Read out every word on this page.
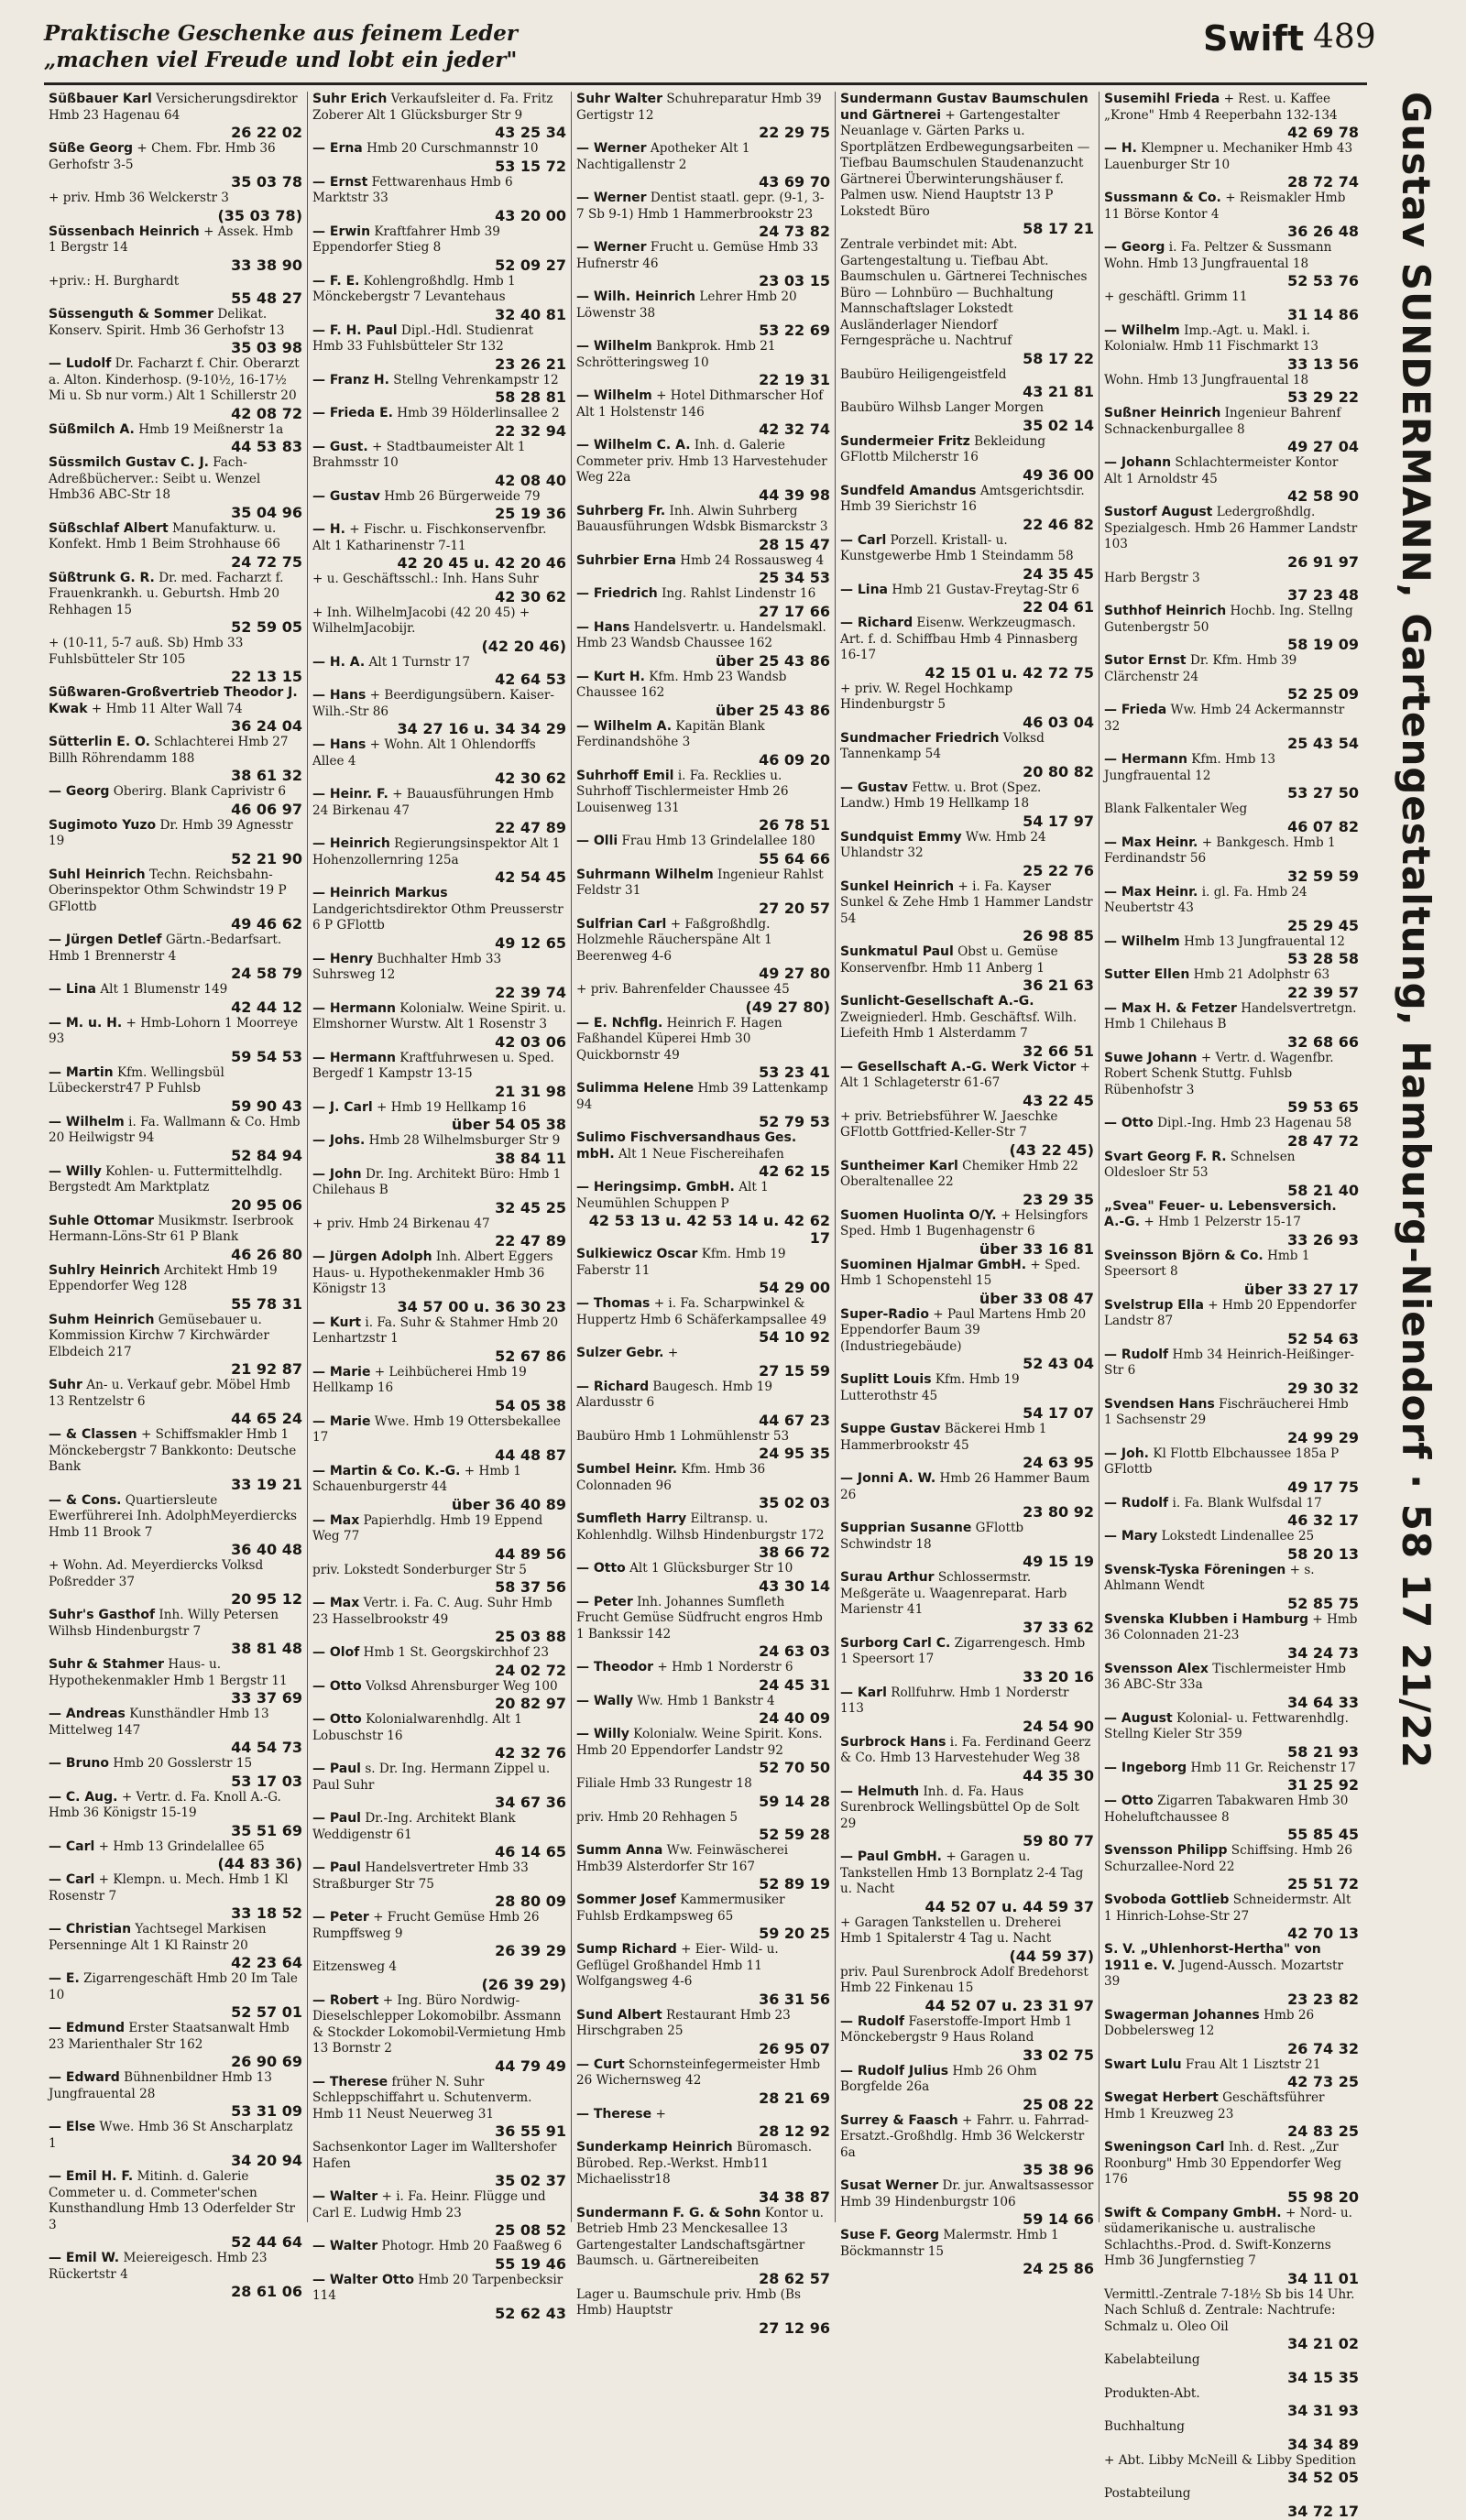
Praktische Geschenke aus feinem Leder
„machen viel Freude und lobt ein jeder"
Swift 489
Süßbauer Karl Versicherungsdirektor Hmb 23 Hagenau 64
26 22 02
Süße Georg + Chem. Fbr. Hmb 36 Gerhofstr 3-5
35 03 78
+ priv. Hmb 36 Welckerstr 3
(35 03 78)
Süssenbach Heinrich + Assek. Hmb 1 Bergstr 14
33 38 90
+priv.: H. Burghardt
55 48 27
Süssenguth & Sommer Delikat. Konserv. Spirit. Hmb 36 Gerhofstr 13
35 03 98
— Ludolf Dr. Facharzt f. Chir. Oberarzt a. Alton. Kinderhosp. (9-10½, 16-17½ Mi u. Sb nur vorm.) Alt 1 Schillerstr 20
42 08 72
Süßmilch A. Hmb 19 Meißnerstr 1a
44 53 83
Süssmilch Gustav C. J. Fach-Adreßbücherver.: Seibt u. Wenzel Hmb36 ABC-Str 18
35 04 96
Süßschlaf Albert Manufakturw. u. Konfekt. Hmb 1 Beim Strohhause 66
24 72 75
Süßtrunk G. R. Dr. med. Facharzt f. Frauenkrankh. u. Geburtsh. Hmb 20 Rehhagen 15
52 59 05
+ (10-11, 5-7 auß. Sb) Hmb 33 Fuhlsbütteler Str 105
22 13 15
Süßwaren-Großvertrieb Theodor J. Kwak + Hmb 11 Alter Wall 74
36 24 04
Sütterlin E. O. Schlachterei Hmb 27 Billh Röhrendamm 188
38 61 32
— Georg Oberirg. Blank Caprivistr 6
46 06 97
Sugimoto Yuzo Dr. Hmb 39 Agnesstr 19
52 21 90
Suhl Heinrich Techn. Reichsbahn-Oberinspektor Othm Schwindstr 19 P GFlottb
49 46 62
— Jürgen Detlef Gärtn.-Bedarfsart. Hmb 1 Brennerstr 4
24 58 79
— Lina Alt 1 Blumenstr 149
42 44 12
— M. u. H. + Hmb-Lohorn 1 Moorreye 93
59 54 53
— Martin Kfm. Wellingsbül Lübeckerstr47 P Fuhlsb
59 90 43
— Wilhelm i. Fa. Wallmann & Co. Hmb 20 Heilwigstr 94
52 84 94
— Willy Kohlen- u. Futtermittelhdlg. Bergstedt Am Marktplatz
20 95 06
Suhle Ottomar Musikmstr. Iserbrook Hermann-Löns-Str 61 P Blank
46 26 80
Suhlry Heinrich Architekt Hmb 19 Eppendorfer Weg 128
55 78 31
Suhm Heinrich Gemüsebauer u. Kommission Kirchw 7 Kirchwärder Elbdeich 217
21 92 87
Suhr An- u. Verkauf gebr. Möbel Hmb 13 Rentzelstr 6
44 65 24
— & Classen + Schiffsmakler Hmb 1 Mönckebergstr 7 Bankkonto: Deutsche Bank
33 19 21
— & Cons. Quartiersleute Ewerführerei Inh. AdolphMeyerdiercks Hmb 11 Brook 7
36 40 48
+ Wohn. Ad. Meyerdiercks Volksd Poßredder 37
20 95 12
Suhr's Gasthof Inh. Willy Petersen Wilhsb Hindenburgstr 7
38 81 48
Suhr & Stahmer Haus- u. Hypothekenmakler Hmb 1 Bergstr 11
33 37 69
— Andreas Kunsthändler Hmb 13 Mittelweg 147
44 54 73
— Bruno Hmb 20 Gosslerstr 15
53 17 03
— C. Aug. + Vertr. d. Fa. Knoll A.-G. Hmb 36 Königstr 15-19
35 51 69
— Carl + Hmb 13 Grindelallee 65
(44 83 36)
— Carl + Klempn. u. Mech. Hmb 1 Kl Rosenstr 7
33 18 52
— Christian Yachtsegel Markisen Persenninge Alt 1 Kl Rainstr 20
42 23 64
— E. Zigarrengeschäft Hmb 20 Im Tale 10
52 57 01
— Edmund Erster Staatsanwalt Hmb 23 Marienthaler Str 162
26 90 69
— Edward Bühnenbildner Hmb 13 Jungfrauental 28
53 31 09
— Else Wwe. Hmb 36 St Anscharplatz 1
34 20 94
— Emil H. F. Mitinh. d. Galerie Commeter u. d. Commeter'schen Kunsthandlung Hmb 13 Oderfelder Str 3
52 44 64
— Emil W. Meiereigesch. Hmb 23 Rückertstr 4
28 61 06
Suhr Erich Verkaufsleiter d. Fa. Fritz Zoberer Alt 1 Glücksburger Str 9
43 25 34
— Erna Hmb 20 Curschmannstr 10
53 15 72
— Ernst Fettwarenhaus Hmb 6 Marktstr 33
43 20 00
— Erwin Kraftfahrer Hmb 39 Eppendorfer Stieg 8
52 09 27
— F. E. Kohlengroßhdlg. Hmb 1 Mönckebergstr 7 Levantehaus
32 40 81
— F. H. Paul Dipl.-Hdl. Studienrat Hmb 33 Fuhlsbütteler Str 132
23 26 21
— Franz H. Stellng Vehrenkampstr 12
58 28 81
— Frieda E. Hmb 39 Hölderlinsallee 2
22 32 94
— Gust. + Stadtbaumeister Alt 1 Brahmsstr 10
42 08 40
— Gustav Hmb 26 Bürgerweide 79
25 19 36
— H. + Fischr. u. Fischkonservenfbr. Alt 1 Katharinenstr 7-11
42 20 45 u. 42 20 46
+ u. Geschäftsschl.: Inh. Hans Suhr
42 30 62
+ Inh. WilhelmJacobi (42 20 45) + WilhelmJacobijr.
(42 20 46)
— H. A. Alt 1 Turnstr 17
42 64 53
— Hans + Beerdigungsübern. Kaiser-Wilh.-Str 86
34 27 16 u. 34 34 29
— Hans + Wohn. Alt 1 Ohlendorffs Allee 4
42 30 62
— Heinr. F. + Bauausführungen Hmb 24 Birkenau 47
22 47 89
— Heinrich Regierungsinspektor Alt 1 Hohenzollernring 125a
42 54 45
— Heinrich Markus Landgerichtsdirektor Othm Preusserstr 6 P GFlottb
49 12 65
— Henry Buchhalter Hmb 33 Suhrsweg 12
22 39 74
— Hermann Kolonialw. Weine Spirit. u. Elmshorner Wurstw. Alt 1 Rosenstr 3
42 03 06
— Hermann Kraftfuhrwesen u. Sped. Bergedf 1 Kampstr 13-15
21 31 98
— J. Carl + Hmb 19 Hellkamp 16
über 54 05 38
— Johs. Hmb 28 Wilhelmsburger Str 9
38 84 11
— John Dr. Ing. Architekt Büro: Hmb 1 Chilehaus B
32 45 25
+ priv. Hmb 24 Birkenau 47
22 47 89
— Jürgen Adolph Inh. Albert Eggers Haus- u. Hypothekenmakler Hmb 36 Königstr 13
34 57 00 u. 36 30 23
— Kurt i. Fa. Suhr & Stahmer Hmb 20 Lenhartzstr 1
52 67 86
— Marie + Leihbücherei Hmb 19 Hellkamp 16
54 05 38
— Marie Wwe. Hmb 19 Ottersbekallee 17
44 48 87
— Martin & Co. K.-G. + Hmb 1 Schauenburgerstr 44
über 36 40 89
— Max Papierhdlg. Hmb 19 Eppend Weg 77
44 89 56
priv. Lokstedt Sonderburger Str 5
58 37 56
— Max Vertr. i. Fa. C. Aug. Suhr Hmb 23 Hasselbrookstr 49
25 03 88
— Olof Hmb 1 St. Georgskirchhof 23
24 02 72
— Otto Volksd Ahrensburger Weg 100
20 82 97
— Otto Kolonialwarenhdlg. Alt 1 Lobuschstr 16
42 32 76
— Paul s. Dr. Ing. Hermann Zippel u. Paul Suhr
34 67 36
— Paul Dr.-Ing. Architekt Blank Weddigenstr 61
46 14 65
— Paul Handelsvertreter Hmb 33 Straßburger Str 75
28 80 09
— Peter + Frucht Gemüse Hmb 26 Rumpffsweg 9
26 39 29
Eitzensweg 4
(26 39 29)
— Robert + Ing. Büro Nordwig-Dieselschlepper Lokomobilbr. Assmann & Stockder Lokomobil-Vermietung Hmb 13 Bornstr 2
44 79 49
— Therese früher N. Suhr Schleppschiffahrt u. Schutenverm. Hmb 11 Neust Neuerweg 31
36 55 91
Sachsenkontor Lager im Walltershofer Hafen
35 02 37
— Walter + i. Fa. Heinr. Flügge und Carl E. Ludwig Hmb 23
25 08 52
— Walter Photogr. Hmb 20 Faaßweg 6
55 19 46
— Walter Otto Hmb 20 Tarpenbecksir 114
52 62 43
Suhr Walter Schuhreparatur Hmb 39 Gertigstr 12
22 29 75
— Werner Apotheker Alt 1 Nachtigallenstr 2
43 69 70
— Werner Dentist staatl. gepr. (9-1, 3-7 Sb 9-1) Hmb 1 Hammerbrookstr 23
24 73 82
— Werner Frucht u. Gemüse Hmb 33 Hufnerstr 46
23 03 15
— Wilh. Heinrich Lehrer Hmb 20 Löwenstr 38
53 22 69
— Wilhelm Bankprok. Hmb 21 Schrötteringsweg 10
22 19 31
— Wilhelm + Hotel Dithmarscher Hof Alt 1 Holstenstr 146
42 32 74
— Wilhelm C. A. Inh. d. Galerie Commeter priv. Hmb 13 Harvestehuder Weg 22a
44 39 98
Suhrberg Fr. Inh. Alwin Suhrberg Bauausführungen Wdsbk Bismarckstr 3
28 15 47
Suhrbier Erna Hmb 24 Rossausweg 4
25 34 53
— Friedrich Ing. Rahlst Lindenstr 16
27 17 66
— Hans Handelsvertr. u. Handelsmakl. Hmb 23 Wandsb Chaussee 162
über 25 43 86
— Kurt H. Kfm. Hmb 23 Wandsb Chaussee 162
über 25 43 86
— Wilhelm A. Kapitän Blank Ferdinandshöhe 3
46 09 20
Suhrhoff Emil i. Fa. Recklies u. Suhrhoff Tischlermeister Hmb 26 Louisenweg 131
26 78 51
— Olli Frau Hmb 13 Grindelallee 180
55 64 66
Suhrmann Wilhelm Ingenieur Rahlst Feldstr 31
27 20 57
Sulfrian Carl + Faßgroßhdlg. Holzmehle Räucherspäne Alt 1 Beerenweg 4-6
49 27 80
+ priv. Bahrenfelder Chaussee 45
(49 27 80)
— E. Nchflg. Heinrich F. Hagen Faßhandel Küperei Hmb 30 Quickbornstr 49
53 23 41
Sulimma Helene Hmb 39 Lattenkamp 94
52 79 53
Sulimo Fischversandhaus Ges. mbH. Alt 1 Neue Fischereihafen
42 62 15
— Heringsimp. GmbH. Alt 1 Neumühlen Schuppen P
42 53 13 u. 42 53 14 u. 42 62 17
Sulkiewicz Oscar Kfm. Hmb 19 Faberstr 11
54 29 00
— Thomas + i. Fa. Scharpwinkel & Huppertz Hmb 6 Schäferkampsallee 49
54 10 92
Sulzer Gebr. +
27 15 59
— Richard Baugesch. Hmb 19 Alardusstr 6
44 67 23
Baubüro Hmb 1 Lohmühlenstr 53
24 95 35
Sumbel Heinr. Kfm. Hmb 36 Colonnaden 96
35 02 03
Sumfleth Harry Eiltransp. u. Kohlenhdlg. Wilhsb Hindenburgstr 172
38 66 72
— Otto Alt 1 Glücksburger Str 10
43 30 14
— Peter Inh. Johannes Sumfleth Frucht Gemüse Südfrucht engros Hmb 1 Bankssir 142
24 63 03
— Theodor + Hmb 1 Norderstr 6
24 45 31
— Wally Ww. Hmb 1 Bankstr 4
24 40 09
— Willy Kolonialw. Weine Spirit. Kons. Hmb 20 Eppendorfer Landstr 92
52 70 50
Filiale Hmb 33 Rungestr 18
59 14 28
priv. Hmb 20 Rehhagen 5
52 59 28
Summ Anna Ww. Feinwäscherei Hmb39 Alsterdorfer Str 167
52 89 19
Sommer Josef Kammermusiker Fuhlsb Erdkampsweg 65
59 20 25
Sump Richard + Eier- Wild- u. Geflügel Großhandel Hmb 11 Wolfgangsweg 4-6
36 31 56
Sund Albert Restaurant Hmb 23 Hirschgraben 25
26 95 07
— Curt Schornsteinfegermeister Hmb 26 Wichernsweg 42
28 21 69
— Therese +
28 12 92
Sunderkamp Heinrich Büromasch. Bürobed. Rep.-Werkst. Hmb11 Michaelisstr18
34 38 87
Sundermann F. G. & Sohn Kontor u. Betrieb Hmb 23 Menckesallee 13 Gartengestalter Landschaftsgärtner Baumsch. u. Gärtnereibeiten
28 62 57
Lager u. Baumschule priv. Hmb (Bs Hmb) Hauptstr
27 12 96
Sundermann Gustav Baumschulen und Gärtnerei + Gartengestalter Neuanlage v. Gärten Parks u. Sportplätzen Erdbewegungsarbeiten — Tiefbau Baumschulen Staudenanzucht Gärtnerei Überwinterungshäuser f. Palmen usw. Niend Hauptstr 13 P Lokstedt Büro
58 17 21
Zentrale verbindet mit: Abt. Gartengestaltung u. Tiefbau Abt. Baumschulen u. Gärtnerei Technisches Büro — Lohnbüro — Buchhaltung Mannschaftslager Lokstedt Ausländerlager Niendorf Ferngespräche u. Nachtruf
58 17 22
Baubüro Heiligengeistfeld
43 21 81
Baubüro Wilhsb Langer Morgen
35 02 14
Sundermeier Fritz Bekleidung GFlottb Milcherstr 16
49 36 00
Sundfeld Amandus Amtsgerichtsdir. Hmb 39 Sierichstr 16
22 46 82
— Carl Porzell. Kristall- u. Kunstgewerbe Hmb 1 Steindamm 58
24 35 45
— Lina Hmb 21 Gustav-Freytag-Str 6
22 04 61
— Richard Eisenw. Werkzeugmasch. Art. f. d. Schiffbau Hmb 4 Pinnasberg 16-17
42 15 01 u. 42 72 75
+ priv. W. Regel Hochkamp Hindenburgstr 5
46 03 04
Sundmacher Friedrich Volksd Tannenkamp 54
20 80 82
— Gustav Fettw. u. Brot (Spez. Landw.) Hmb 19 Hellkamp 18
54 17 97
Sundquist Emmy Ww. Hmb 24 Uhlandstr 32
25 22 76
Sunkel Heinrich + i. Fa. Kayser Sunkel & Zehe Hmb 1 Hammer Landstr 54
26 98 85
Sunkmatul Paul Obst u. Gemüse Konservenfbr. Hmb 11 Anberg 1
36 21 63
Sunlicht-Gesellschaft A.-G. Zweigniederl. Hmb. Geschäftsf. Wilh. Liefeith Hmb 1 Alsterdamm 7
32 66 51
— Gesellschaft A.-G. Werk Victor + Alt 1 Schlageterstr 61-67
43 22 45
+ priv. Betriebsführer W. Jaeschke GFlottb Gottfried-Keller-Str 7
(43 22 45)
Suntheimer Karl Chemiker Hmb 22 Oberaltenallee 22
23 29 35
Suomen Huolinta O/Y. + Helsingfors Sped. Hmb 1 Bugenhagenstr 6
über 33 16 81
Suominen Hjalmar GmbH. + Sped. Hmb 1 Schopenstehl 15
über 33 08 47
Super-Radio + Paul Martens Hmb 20 Eppendorfer Baum 39 (Industriegebäude)
52 43 04
Suplitt Louis Kfm. Hmb 19 Lutterothstr 45
54 17 07
Suppe Gustav Bäckerei Hmb 1 Hammerbrookstr 45
24 63 95
— Jonni A. W. Hmb 26 Hammer Baum 26
23 80 92
Supprian Susanne GFlottb Schwindstr 18
49 15 19
Surau Arthur Schlossermstr. Meßgeräte u. Waagenreparat. Harb Marienstr 41
37 33 62
Surborg Carl C. Zigarrengesch. Hmb 1 Speersort 17
33 20 16
— Karl Rollfuhrw. Hmb 1 Norderstr 113
24 54 90
Surbrock Hans i. Fa. Ferdinand Geerz & Co. Hmb 13 Harvestehuder Weg 38
44 35 30
— Helmuth Inh. d. Fa. Haus Surenbrock Wellingsbüttel Op de Solt 29
59 80 77
— Paul GmbH. + Garagen u. Tankstellen Hmb 13 Bornplatz 2-4 Tag u. Nacht
44 52 07 u. 44 59 37
+ Garagen Tankstellen u. Dreherei Hmb 1 Spitalerstr 4 Tag u. Nacht
(44 59 37)
priv. Paul Surenbrock Adolf Bredehorst Hmb 22 Finkenau 15
44 52 07 u. 23 31 97
— Rudolf Faserstoffe-Import Hmb 1 Mönckebergstr 9 Haus Roland
33 02 75
— Rudolf Julius Hmb 26 Ohm Borgfelde 26a
25 08 22
Surrey & Faasch + Fahrr. u. Fahrrad-Ersatzt.-Großhdlg. Hmb 36 Welckerstr 6a
35 38 96
Susat Werner Dr. jur. Anwaltsassessor Hmb 39 Hindenburgstr 106
59 14 66
Suse F. Georg Malermstr. Hmb 1 Böckmannstr 15
24 25 86
Susemihl Frieda + Rest. u. Kaffee „Krone" Hmb 4 Reeperbahn 132-134
42 69 78
— H. Klempner u. Mechaniker Hmb 43 Lauenburger Str 10
28 72 74
Sussmann & Co. + Reismakler Hmb 11 Börse Kontor 4
36 26 48
— Georg i. Fa. Peltzer & Sussmann Wohn. Hmb 13 Jungfrauental 18
52 53 76
+ geschäftl. Grimm 11
31 14 86
— Wilhelm Imp.-Agt. u. Makl. i. Kolonialw. Hmb 11 Fischmarkt 13
33 13 56
Wohn. Hmb 13 Jungfrauental 18
53 29 22
Sußner Heinrich Ingenieur Bahrenf Schnackenburgallee 8
49 27 04
— Johann Schlachtermeister Kontor Alt 1 Arnoldstr 45
42 58 90
Sustorf August Ledergroßhdlg. Spezialgesch. Hmb 26 Hammer Landstr 103
26 91 97
Harb Bergstr 3
37 23 48
Suthhof Heinrich Hochb. Ing. Stellng Gutenbergstr 50
58 19 09
Sutor Ernst Dr. Kfm. Hmb 39 Clärchenstr 24
52 25 09
— Frieda Ww. Hmb 24 Ackermannstr 32
25 43 54
— Hermann Kfm. Hmb 13 Jungfrauental 12
53 27 50
Blank Falkentaler Weg
46 07 82
— Max Heinr. + Bankgesch. Hmb 1 Ferdinandstr 56
32 59 59
— Max Heinr. i. gl. Fa. Hmb 24 Neubertstr 43
25 29 45
— Wilhelm Hmb 13 Jungfrauental 12
53 28 58
Sutter Ellen Hmb 21 Adolphstr 63
22 39 57
— Max H. & Fetzer Handelsvertretgn. Hmb 1 Chilehaus B
32 68 66
Suwe Johann + Vertr. d. Wagenfbr. Robert Schenk Stuttg. Fuhlsb Rübenhofstr 3
59 53 65
— Otto Dipl.-Ing. Hmb 23 Hagenau 58
28 47 72
Svart Georg F. R. Schnelsen Oldesloer Str 53
58 21 40
„Svea" Feuer- u. Lebensversich. A.-G. + Hmb 1 Pelzerstr 15-17
33 26 93
Sveinsson Björn & Co. Hmb 1 Speersort 8
über 33 27 17
Svelstrup Ella + Hmb 20 Eppendorfer Landstr 87
52 54 63
— Rudolf Hmb 34 Heinrich-Heißinger-Str 6
29 30 32
Svendsen Hans Fischräucherei Hmb 1 Sachsenstr 29
24 99 29
— Joh. Kl Flottb Elbchaussee 185a P GFlottb
49 17 75
— Rudolf i. Fa. Blank Wulfsdal 17
46 32 17
— Mary Lokstedt Lindenallee 25
58 20 13
Svensk-Tyska Föreningen + s. Ahlmann Wendt
52 85 75
Svenska Klubben i Hamburg + Hmb 36 Colonnaden 21-23
34 24 73
Svensson Alex Tischlermeister Hmb 36 ABC-Str 33a
34 64 33
— August Kolonial- u. Fettwarenhdlg. Stellng Kieler Str 359
58 21 93
— Ingeborg Hmb 11 Gr. Reichenstr 17
31 25 92
— Otto Zigarren Tabakwaren Hmb 30 Hoheluftchaussee 8
55 85 45
Svensson Philipp Schiffsing. Hmb 26 Schurzallee-Nord 22
25 51 72
Svoboda Gottlieb Schneidermstr. Alt 1 Hinrich-Lohse-Str 27
42 70 13
S. V. „Uhlenhorst-Hertha" von 1911 e. V. Jugend-Aussch. Mozartstr 39
23 23 82
Swagerman Johannes Hmb 26 Dobbelersweg 12
26 74 32
Swart Lulu Frau Alt 1 Lisztstr 21
42 73 25
Swegat Herbert Geschäftsführer Hmb 1 Kreuzweg 23
24 83 25
Sweningson Carl Inh. d. Rest. „Zur Roonburg" Hmb 30 Eppendorfer Weg 176
55 98 20
Swift & Company GmbH. + Nord- u. südamerikanische u. australische Schlachths.-Prod. d. Swift-Konzerns Hmb 36 Jungfernstieg 7
34 11 01
Vermittl.-Zentrale 7-18½ Sb bis 14 Uhr. Nach Schluß d. Zentrale: Nachtrufe: Schmalz u. Oleo Oil
34 21 02
Kabelabteilung
34 15 35
Produkten-Abt.
34 31 93
Buchhaltung
34 34 89
+ Abt. Libby McNeill & Libby Spedition
34 52 05
Postabteilung
34 72 17
Gustav SUNDERMANN, Gartengestaltung, Hamburg-Niendorf · 58 17 21/22
